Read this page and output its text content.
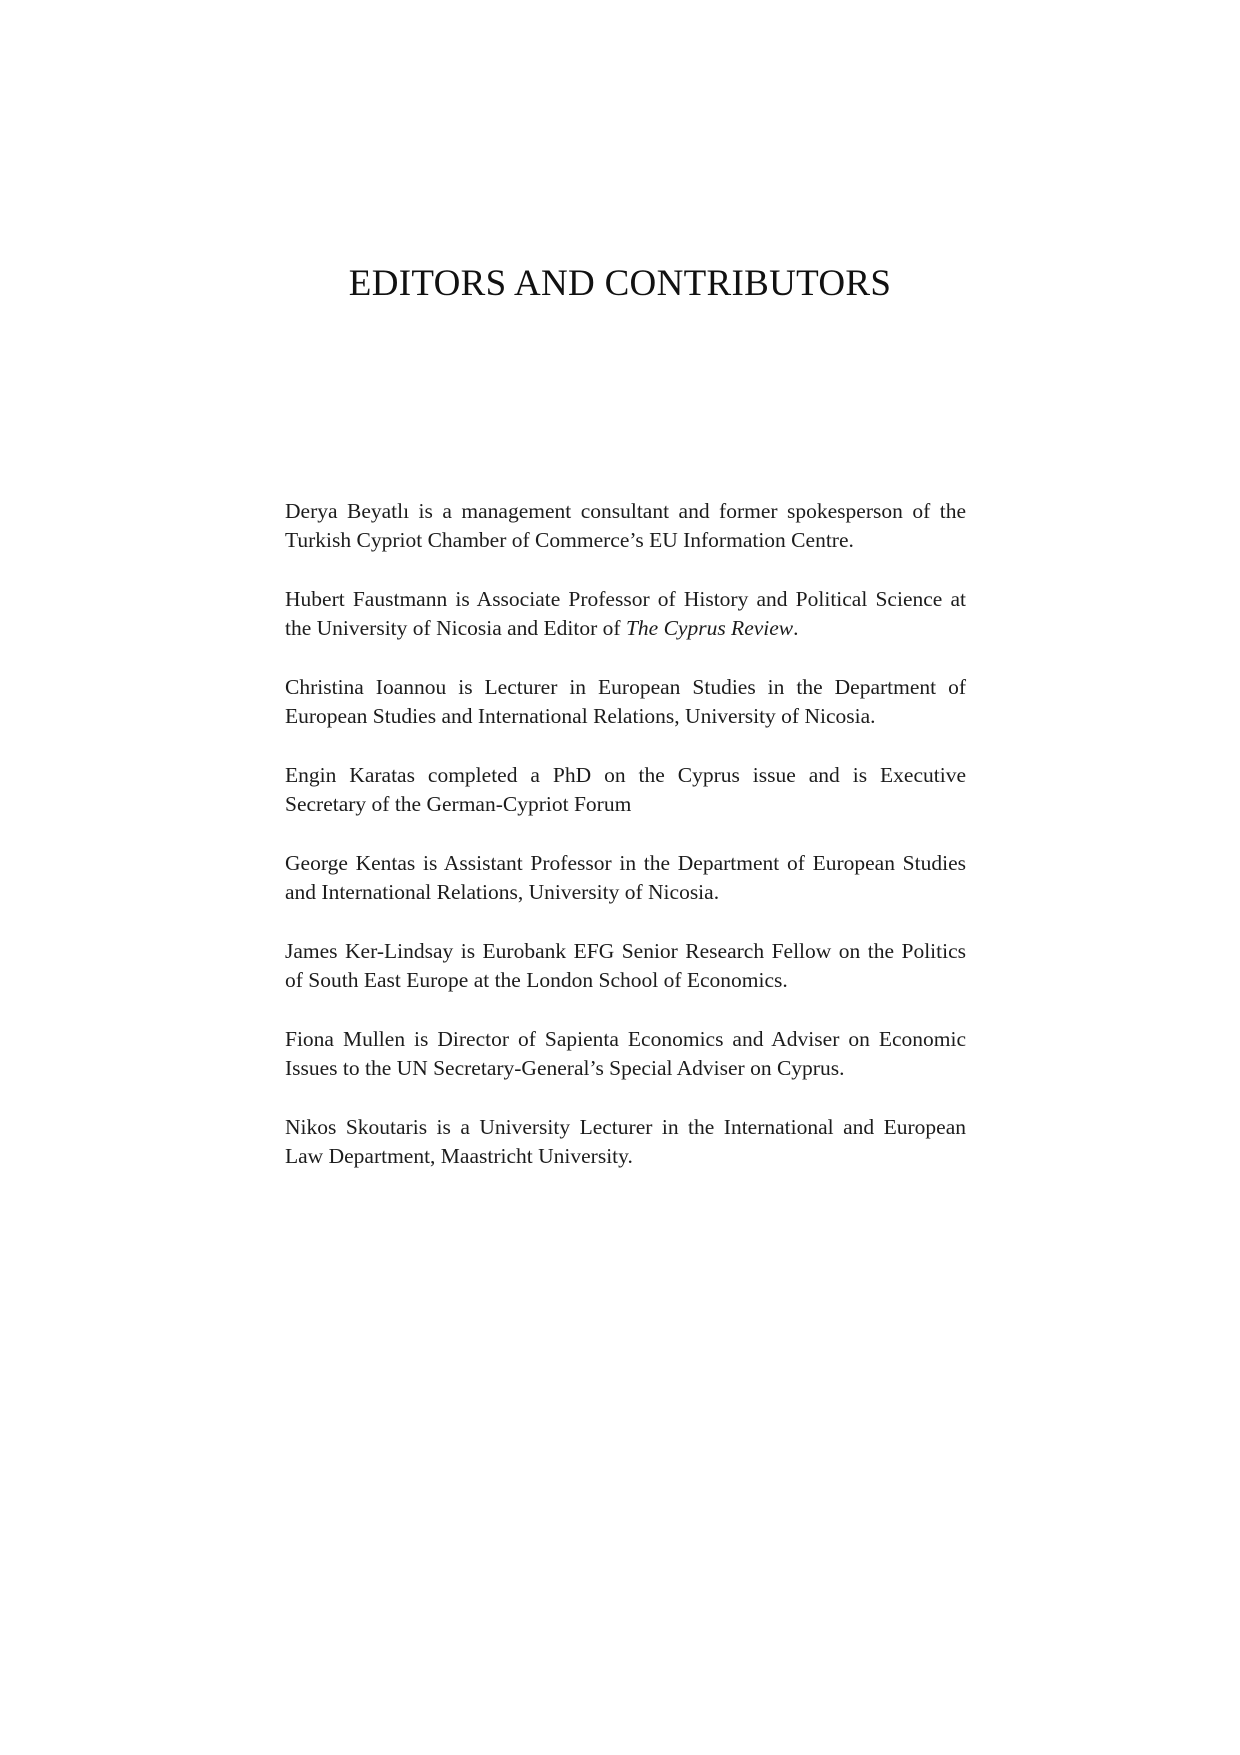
EDITORS AND CONTRIBUTORS
Derya Beyatlı is a management consultant and former spokesperson of the Turkish Cypriot Chamber of Commerce’s EU Information Centre.
Hubert Faustmann is Associate Professor of History and Political Science at the University of Nicosia and Editor of The Cyprus Review.
Christina Ioannou is Lecturer in European Studies in the Department of European Studies and International Relations, University of Nicosia.
Engin Karatas completed a PhD on the Cyprus issue and is Executive Secretary of the German-Cypriot Forum
George Kentas is Assistant Professor in the Department of European Studies and International Relations, University of Nicosia.
James Ker-Lindsay is Eurobank EFG Senior Research Fellow on the Politics of South East Europe at the London School of Economics.
Fiona Mullen is Director of Sapienta Economics and Adviser on Economic Issues to the UN Secretary-General’s Special Adviser on Cyprus.
Nikos Skoutaris is a University Lecturer in the International and European Law Department, Maastricht University.
